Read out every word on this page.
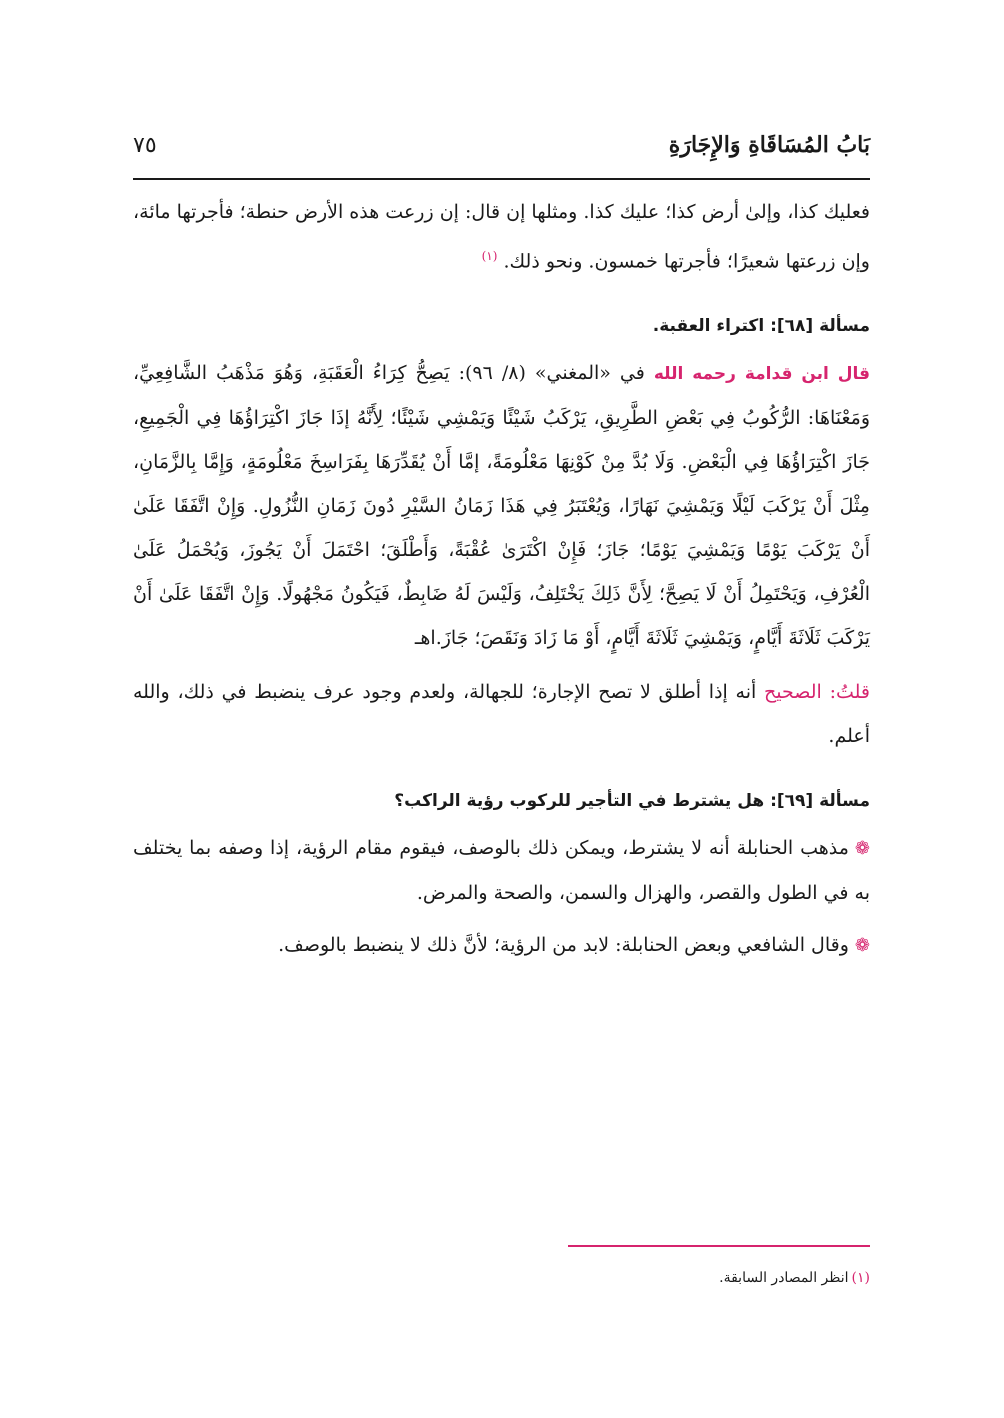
بَابُ المُسَاقَاةِ وَالإِجَارَةِ
٧٥

فعليك كذا، وإلىٰ أرض كذا؛ عليك كذا. ومثلها إن قال: إن زرعت هذه الأرض حنطة؛ فأجرتها مائة، وإن زرعتها شعيرًا؛ فأجرتها خمسون. ونحو ذلك. $^{(١)}$

مسألة [٦٨]: اكتراء العقبة.

قال ابن قدامة رحمه الله في «المغني» (٨/ ٩٦): يَصِحُّ كِرَاءُ الْعَقَبَةِ، وَهُوَ مَذْهَبُ الشَّافِعِيِّ، وَمَعْنَاهَا: الرُّكُوبُ فِي بَعْضِ الطَّرِيقِ، يَرْكَبُ شَيْئًا وَيَمْشِي شَيْئًا؛ لِأَنَّهُ إذَا جَازَ اكْتِرَاؤُهَا فِي الْجَمِيعِ، جَازَ اكْتِرَاؤُهَا فِي الْبَعْضِ. وَلَا بُدَّ مِنْ كَوْنِهَا مَعْلُومَةً، إمَّا أَنْ يُقَدِّرَهَا بِفَرَاسِخَ مَعْلُومَةٍ، وَإِمَّا بِالزَّمَانِ، مِثْلَ أَنْ يَرْكَبَ لَيْلًا وَيَمْشِيَ نَهَارًا، وَيُعْتَبَرُ فِي هَذَا زَمَانُ السَّيْرِ دُونَ زَمَانِ النُّزُولِ. وَإِنْ اتَّفَقَا عَلَىٰ أَنْ يَرْكَبَ يَوْمًا وَيَمْشِيَ يَوْمًا؛ جَازَ؛ فَإِنْ اكْتَرَىٰ عُقْبَةً، وَأَطْلَقَ؛ احْتَمَلَ أَنْ يَجُوزَ، وَيُحْمَلُ عَلَىٰ الْعُرْفِ، وَيَحْتَمِلُ أَنْ لَا يَصِحَّ؛ لِأَنَّ ذَلِكَ يَخْتَلِفُ، وَلَيْسَ لَهُ ضَابِطٌ، فَيَكُونُ مَجْهُولًا. وَإِنْ اتَّفَقَا عَلَىٰ أَنْ يَرْكَبَ ثَلَاثَةَ أَيَّامٍ، وَيَمْشِيَ ثَلَاثَةَ أَيَّامٍ، أَوْ مَا زَادَ وَنَقَصَ؛ جَازَ.اهـ

قلتُ: الصحيح أنه إذا أطلق لا تصح الإجارة؛ للجهالة، ولعدم وجود عرف ينضبط في ذلك، والله أعلم.

مسألة [٦٩]: هل يشترط في التأجير للركوب رؤية الراكب؟

❁مذهب الحنابلة أنه لا يشترط، ويمكن ذلك بالوصف، فيقوم مقام الرؤية، إذا وصفه بما يختلف به في الطول والقصر، والهزال والسمن، والصحة والمرض.

❁وقال الشافعي وبعض الحنابلة: لابد من الرؤية؛ لأنَّ ذلك لا ينضبط بالوصف.

(١)انظر المصادر السابقة.
